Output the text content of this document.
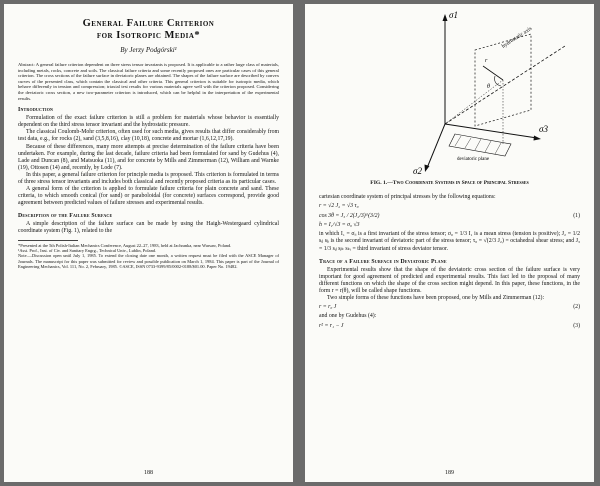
General Failure Criterion
for Isotropic Media*
By Jerzy Podgórski¹
Abstract: A general failure criterion dependent on three stress tensor invariants is proposed. It is applicable to a rather large class of materials, including metals, rocks, concrete and soils. The classical failure criteria and some recently proposed ones are particular cases of this general criterion. The cross sections of the failure surface in deviatoric planes are obtained. The shapes of the failure surface are described by convex curves of the presented class, which contain the classical and other criteria. This general criterion is suitable for isotropic media, which behave differently in tension and compression; triaxial test results for various materials agree well with the criterion proposed. Considering the deviatoric cross section, a new two-parameter criterion is introduced, which can be helpful in the interpretation of the experimental results.
Introduction
Formulation of the exact failure criterion is still a problem for materials whose behavior is essentially dependent on the third stress tensor invariant and the hydrostatic pressure.
The classical Coulomb-Mohr criterion, often used for such media, gives results that differ considerably from test data, e.g., for rocks (2), sand (3,5,8,16), clay (10,18), concrete and mortar (1,6,12,17,19).
Because of these differences, many more attempts at precise determination of the failure criteria have been undertaken. For example, during the last decade, failure criteria had been formulated for sand by Gudehus (4), Lade and Duncan (8), and Matsuoka (11), and for concrete by Mills and Zimmerman (12), William and Warnke (19), Ottosen (14) and, recently, by Lode (7).
In this paper, a general failure criterion for principle media is proposed. This criterion is formulated in terms of three stress tensor invariants and includes both classical and recently proposed criteria as its particular cases.
A general form of the criterion is applied to formulate failure criteria for plain concrete and sand. These criteria, to which smooth conical (for sand) or paraboloidal (for concrete) surfaces correspond, provide good agreement between predicted values of failure stresses and experimental results.
Description of the Failure Surface
A simple description of the failure surface can be made by using the Haigh-Westergaard cylindrical coordinate system (Fig. 1), related to the
*Presented at the 5th Polish-Italian Mechanics Conference, August 22–27, 1983, held at Jachranka, near Warsaw, Poland.
¹Asst. Prof., Inst. of Civ. and Sanitary Engrg., Technical Univ., Lublin, Poland.
Note.—Discussion open until July 1, 1985. To extend the closing date one month, a written request must be filed with the ASCE Manager of Journals. The manuscript for this paper was submitted for review and possible publication on March 1, 1984. This paper is part of the Journal of Engineering Mechanics, Vol. 111, No. 2, February, 1985. ©ASCE, ISSN 0733-9399/85/0002-0188/$01.00. Paper No. 19482.
188
σ1
σ3
σ2
hydrostatic axis
r
θ
deviatoric plane
FIG. 1.—Two Coordinate Systems in Space of Principal Stresses
cartesian coordinate system of principal stresses by the following equations:
r = √2 J₂ = √3 τ₀
cos 3θ = J₃ / 2(J₂/3)^(3/2)	(1)
h = I₁/√3 = σ₀ √3
in which I₁ = σᵢᵢ is a first invariant of the stress tensor; σ₀ = 1/3 I₁ is a mean stress (tension is positive); J₂ = 1/2 sᵢⱼ sⱼᵢ is the second invariant of deviatoric part of the stress tensor; τ₀ = √(2/3 J₂) = octahedral shear stress; and J₃ = 1/3 sᵢⱼ sⱼₖ sₖᵢ = third invariant of stress deviator tensor.
Trace of a Failure Surface in Deviatoric Plane
Experimental results show that the shape of the deviatoric cross section of the failure surface is very important for good agreement of predicted and experimental results. This fact led to the proposal of many different functions on which the shape of the cross section might depend. In this paper, these functions, in the form r = r(θ), will be called shape functions.
Two simple forms of these functions have been proposed, one by Mills and Zimmerman (12):
r = r₀ J	(2)
and one by Gudehus (4):
r² = r₁ − J	(3)
189
